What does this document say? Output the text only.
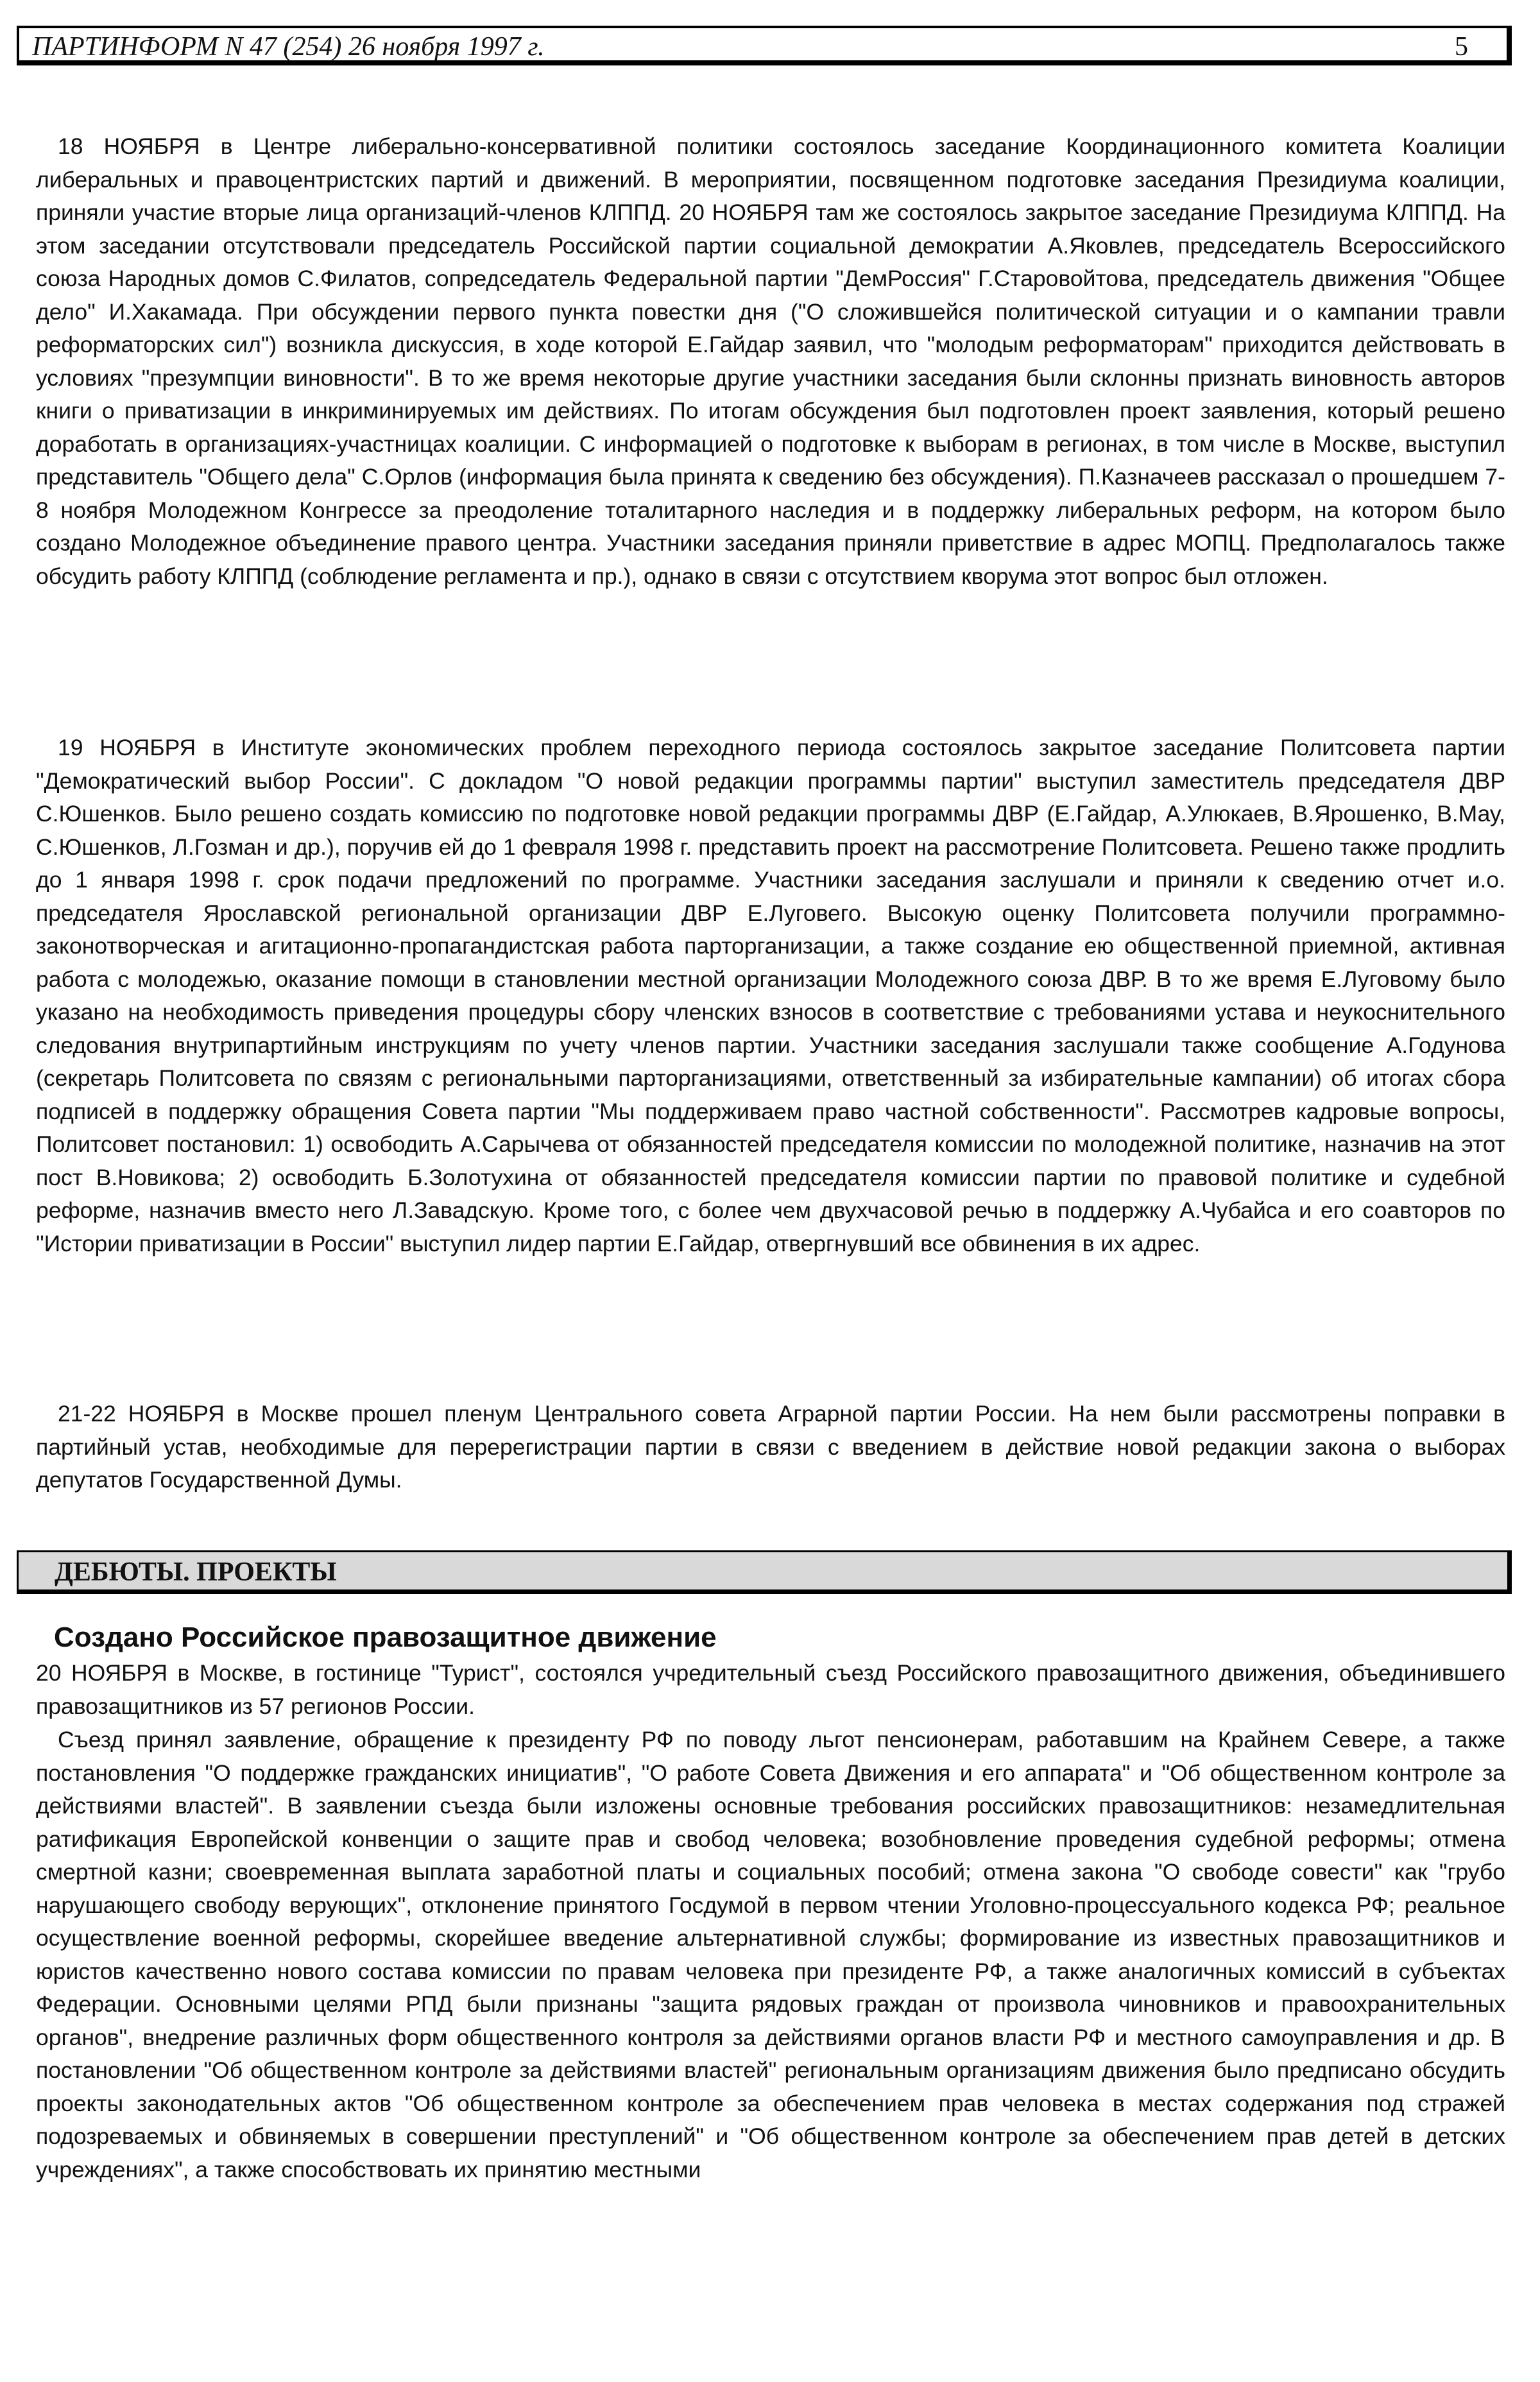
ПАРТИНФОРМ N 47 (254) 26 ноября 1997 г.	5

18 НОЯБРЯ в Центре либерально-консервативной политики состоялось заседание Координационного комитета Коалиции либеральных и правоцентристских партий и движений. В мероприятии, посвященном подготовке заседания Президиума коалиции, приняли участие вторые лица организаций-членов КЛППД. 20 НОЯБРЯ там же состоялось закрытое заседание Президиума КЛППД. На этом заседании отсутствовали председатель Российской партии социальной демократии А.Яковлев, председатель Всероссийского союза Народных домов С.Филатов, сопредседатель Федеральной партии "ДемРоссия" Г.Старовойтова, председатель движения "Общее дело" И.Хакамада. При обсуждении первого пункта повестки дня ("О сложившейся политической ситуации и о кампании травли реформаторских сил") возникла дискуссия, в ходе которой Е.Гайдар заявил, что "молодым реформаторам" приходится действовать в условиях "презумпции виновности". В то же время некоторые другие участники заседания были склонны признать виновность авторов книги о приватизации в инкриминируемых им действиях. По итогам обсуждения был подготовлен проект заявления, который решено доработать в организациях-участницах коалиции. С информацией о подготовке к выборам в регионах, в том числе в Москве, выступил представитель "Общего дела" С.Орлов (информация была принята к сведению без обсуждения). П.Казначеев рассказал о прошедшем 7-8 ноября Молодежном Конгрессе за преодоление тоталитарного наследия и в поддержку либеральных реформ, на котором было создано Молодежное объединение правого центра. Участники заседания приняли приветствие в адрес МОПЦ. Предполагалось также обсудить работу КЛППД (соблюдение регламента и пр.), однако в связи с отсутствием кворума этот вопрос был отложен.

19 НОЯБРЯ в Институте экономических проблем переходного периода состоялось закрытое заседание Политсовета партии "Демократический выбор России". С докладом "О новой редакции программы партии" выступил заместитель председателя ДВР С.Юшенков. Было решено создать комиссию по подготовке новой редакции программы ДВР (Е.Гайдар, А.Улюкаев, В.Ярошенко, В.Мау, С.Юшенков, Л.Гозман и др.), поручив ей до 1 февраля 1998 г. представить проект на рассмотрение Политсовета. Решено также продлить до 1 января 1998 г. срок подачи предложений по программе. Участники заседания заслушали и приняли к сведению отчет и.о. председателя Ярославской региональной организации ДВР Е.Луговего. Высокую оценку Политсовета получили программно-законотворческая и агитационно-пропагандистская работа парторганизации, а также создание ею общественной приемной, активная работа с молодежью, оказание помощи в становлении местной организации Молодежного союза ДВР. В то же время Е.Луговому было указано на необходимость приведения процедуры сбору членских взносов в соответствие с требованиями устава и неукоснительного следования внутрипартийным инструкциям по учету членов партии. Участники заседания заслушали также сообщение А.Годунова (секретарь Политсовета по связям с региональными парторганизациями, ответственный за избирательные кампании) об итогах сбора подписей в поддержку обращения Совета партии "Мы поддерживаем право частной собственности". Рассмотрев кадровые вопросы, Политсовет постановил: 1) освободить А.Сарычева от обязанностей председателя комиссии по молодежной политике, назначив на этот пост В.Новикова; 2) освободить Б.Золотухина от обязанностей председателя комиссии партии по правовой политике и судебной реформе, назначив вместо него Л.Завадскую. Кроме того, с более чем двухчасовой речью в поддержку А.Чубайса и его соавторов по "Истории приватизации в России" выступил лидер партии Е.Гайдар, отвергнувший все обвинения в их адрес.

21-22 НОЯБРЯ в Москве прошел пленум Центрального совета Аграрной партии России. На нем были рассмотрены поправки в партийный устав, необходимые для перерегистрации партии в связи с введением в действие новой редакции закона о выборах депутатов Государственной Думы.

ДЕБЮТЫ. ПРОЕКТЫ
Создано Российское правозащитное движение

20 НОЯБРЯ в Москве, в гостинице "Турист", состоялся учредительный съезд Российского правозащитного движения, объединившего правозащитников из 57 регионов России.

Съезд принял заявление, обращение к президенту РФ по поводу льгот пенсионерам, работавшим на Крайнем Севере, а также постановления "О поддержке гражданских инициатив", "О работе Совета Движения и его аппарата" и "Об общественном контроле за действиями властей". В заявлении съезда были изложены основные требования российских правозащитников: незамедлительная ратификация Европейской конвенции о защите прав и свобод человека; возобновление проведения судебной реформы; отмена смертной казни; своевременная выплата заработной платы и социальных пособий; отмена закона "О свободе совести" как "грубо нарушающего свободу верующих", отклонение принятого Госдумой в первом чтении Уголовно-процессуального кодекса РФ; реальное осуществление военной реформы, скорейшее введение альтернативной службы; формирование из известных правозащитников и юристов качественно нового состава комиссии по правам человека при президенте РФ, а также аналогичных комиссий в субъектах Федерации. Основными целями РПД были признаны "защита рядовых граждан от произвола чиновников и правоохранительных органов", внедрение различных форм общественного контроля за действиями органов власти РФ и местного самоуправления и др. В постановлении "Об общественном контроле за действиями властей" региональным организациям движения было предписано обсудить проекты законодательных актов "Об общественном контроле за обеспечением прав человека в местах содержания под стражей подозреваемых и обвиняемых в совершении преступлений" и "Об общественном контроле за обеспечением прав детей в детских учреждениях", а также способствовать их принятию местными
